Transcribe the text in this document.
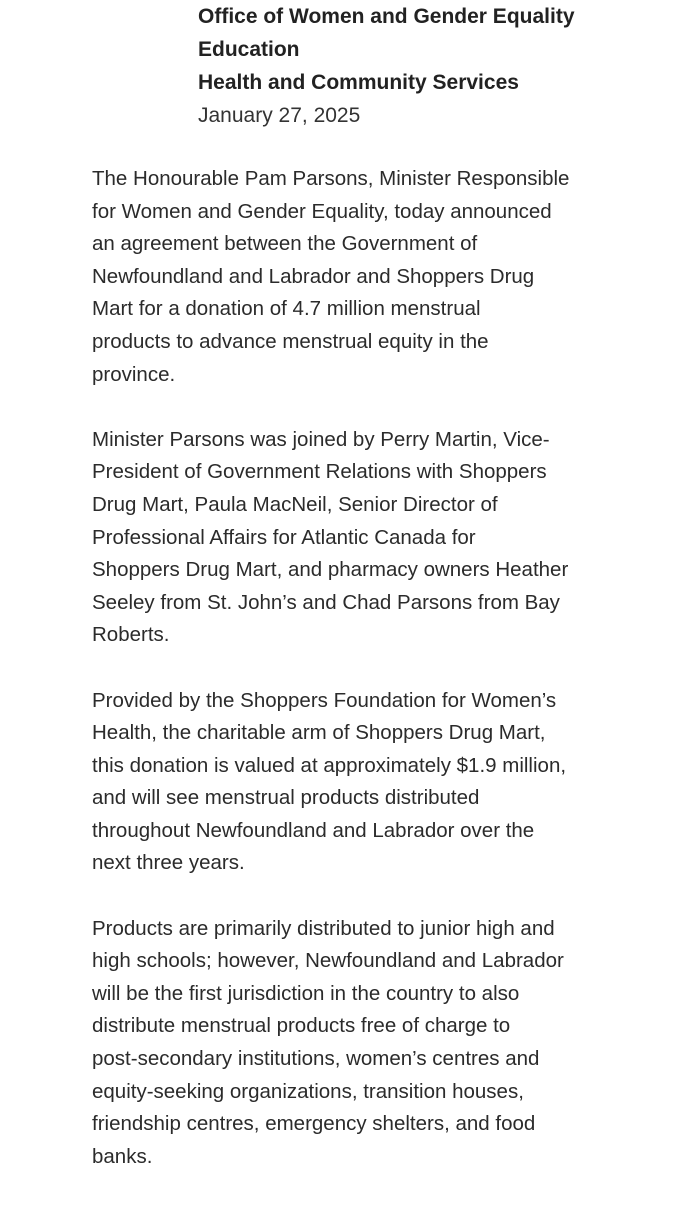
Office of Women and Gender Equality
Education
Health and Community Services
January 27, 2025

The Honourable Pam Parsons, Minister Responsible
for Women and Gender Equality, today announced
an agreement between the Government of
Newfoundland and Labrador and Shoppers Drug
Mart for a donation of 4.7 million menstrual
products to advance menstrual equity in the
province.

Minister Parsons was joined by Perry Martin, Vice-
President of Government Relations with Shoppers
Drug Mart, Paula MacNeil, Senior Director of
Professional Affairs for Atlantic Canada for
Shoppers Drug Mart, and pharmacy owners Heather
Seeley from St. John’s and Chad Parsons from Bay
Roberts.

Provided by the Shoppers Foundation for Women’s
Health, the charitable arm of Shoppers Drug Mart,
this donation is valued at approximately $1.9 million,
and will see menstrual products distributed
throughout Newfoundland and Labrador over the
next three years.

Products are primarily distributed to junior high and
high schools; however, Newfoundland and Labrador
will be the first jurisdiction in the country to also
distribute menstrual products free of charge to
post-secondary institutions, women’s centres and
equity-seeking organizations, transition houses,
friendship centres, emergency shelters, and food
banks.
